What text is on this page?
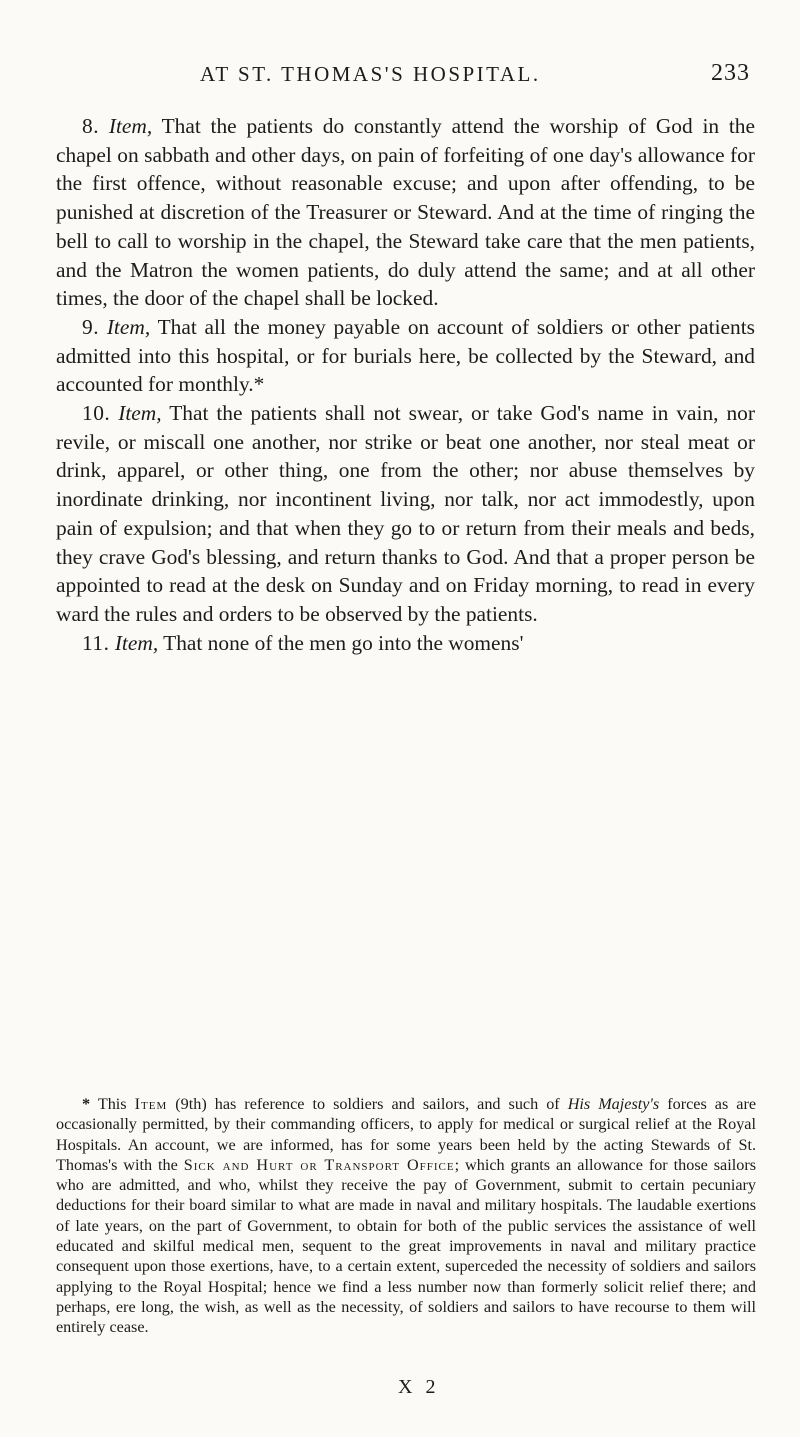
AT ST. THOMAS'S HOSPITAL.	233

8. Item, That the patients do constantly attend the worship of God in the chapel on sabbath and other days, on pain of forfeiting of one day's allowance for the first offence, without reasonable excuse; and upon after offending, to be punished at discretion of the Treasurer or Steward. And at the time of ringing the bell to call to worship in the chapel, the Steward take care that the men patients, and the Matron the women patients, do duly attend the same; and at all other times, the door of the chapel shall be locked.

9. Item, That all the money payable on account of soldiers or other patients admitted into this hospital, or for burials here, be collected by the Steward, and accounted for monthly.*

10. Item, That the patients shall not swear, or take God's name in vain, nor revile, or miscall one another, nor strike or beat one another, nor steal meat or drink, apparel, or other thing, one from the other; nor abuse themselves by inordinate drinking, nor incontinent living, nor talk, nor act immodestly, upon pain of expulsion; and that when they go to or return from their meals and beds, they crave God's blessing, and return thanks to God. And that a proper person be appointed to read at the desk on Sunday and on Friday morning, to read in every ward the rules and orders to be observed by the patients.

11. Item, That none of the men go into the womens'

* This Item (9th) has reference to soldiers and sailors, and such of His Majesty's forces as are occasionally permitted, by their commanding officers, to apply for medical or surgical relief at the Royal Hospitals. An account, we are informed, has for some years been held by the acting Stewards of St. Thomas's with the Sick and Hurt or Transport Office; which grants an allowance for those sailors who are admitted, and who, whilst they receive the pay of Government, submit to certain pecuniary deductions for their board similar to what are made in naval and military hospitals. The laudable exertions of late years, on the part of Government, to obtain for both of the public services the assistance of well educated and skilful medical men, sequent to the great improvements in naval and military practice consequent upon those exertions, have, to a certain extent, superceded the necessity of soldiers and sailors applying to the Royal Hospital; hence we find a less number now than formerly solicit relief there; and perhaps, ere long, the wish, as well as the necessity, of soldiers and sailors to have recourse to them will entirely cease.
X 2
